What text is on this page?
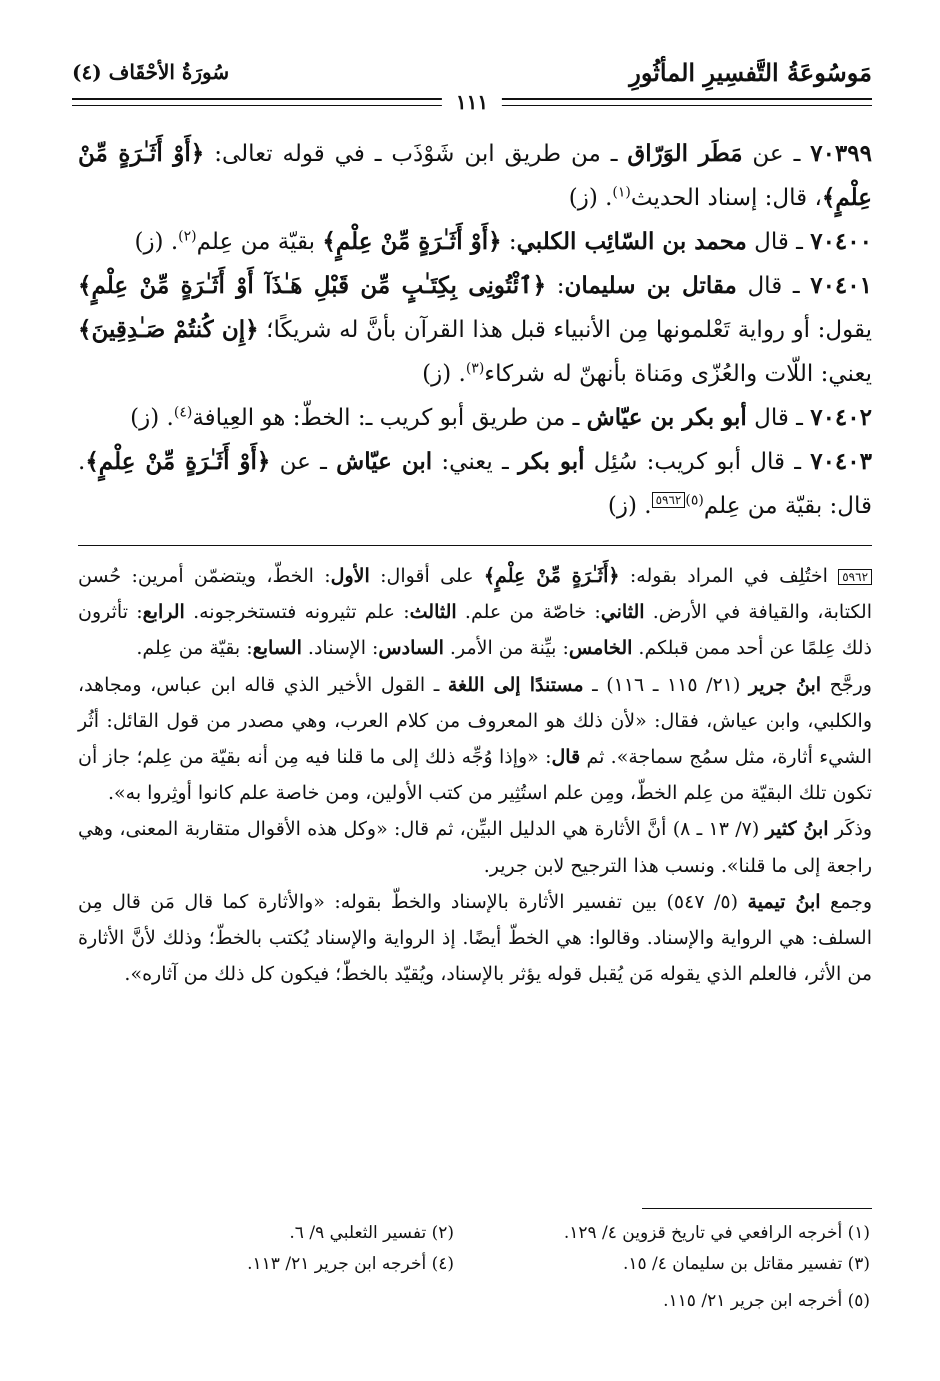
مَوسُوعَةُ التَّفسِيرِ المأثُورِ
سُورَةُ الأحْقَاف (٤)
١١١

٧٠٣٩٩ ـ عن مَطَر الوَرّاق ـ من طريق ابن شَوْذَب ـ في قوله تعالى: ﴿أَوْ أَثَـٰرَةٍ مِّنْ عِلْمٍ﴾، قال: إسناد الحديث$^{(١)}$. (ز)

٧٠٤٠٠ ـ قال محمد بن السّائِب الكلبي: ﴿أَوْ أَثَـٰرَةٍ مِّنْ عِلْمٍ﴾ بقيّة من عِلم$^{(٢)}$. (ز)

٧٠٤٠١ ـ قال مقاتل بن سليمان: ﴿ٱئْتُونِى بِكِتَـٰبٍ مِّن قَبْلِ هَـٰذَآ أَوْ أَثَـٰرَةٍ مِّنْ عِلْمٍ﴾ يقول: أو رواية تَعْلمونها مِن الأنبياء قبل هذا القرآن بأنَّ له شريكًا؛ ﴿إِن كُنتُمْ صَـٰدِقِينَ﴾ يعني: اللّات والعُزّى ومَناة بأنهنّ له شركاء$^{(٣)}$. (ز)

٧٠٤٠٢ ـ قال أبو بكر بن عيّاش ـ من طريق أبو كريب ـ: الخطّ: هو العِيافة$^{(٤)}$. (ز)

٧٠٤٠٣ ـ قال أبو كريب: سُئِل أبو بكر ـ يعني: ابن عيّاش ـ عن ﴿أَوْ أَثَـٰرَةٍ مِّنْ عِلْمٍ﴾. قال: بقيّة من عِلم$^{(٥)}$٥٩٦٢. (ز)

٥٩٦٢ اختُلِف في المراد بقوله: ﴿أَثَـٰرَةٍ مِّنْ عِلْمٍ﴾ على أقوال: الأول: الخطّ، ويتضمّن أمرين: حُسن الكتابة، والقيافة في الأرض. الثاني: خاصّة من علم. الثالث: علم تثيرونه فتستخرجونه. الرابع: تأثرون ذلك عِلمًا عن أحد ممن قبلكم. الخامس: بيِّنة من الأمر. السادس: الإسناد. السابع: بقيّة من عِلم.

ورجَّح ابنُ جرير (٢١/ ١١٥ ـ ١١٦) ـ مستندًا إلى اللغة ـ القول الأخير الذي قاله ابن عباس، ومجاهد، والكلبي، وابن عياش، فقال: «لأن ذلك هو المعروف من كلام العرب، وهي مصدر من قول القائل: أثُر الشيء أثارة، مثل سمُج سماجة». ثم قال: «وإذا وُجِّه ذلك إلى ما قلنا فيه مِن أنه بقيّة من عِلم؛ جاز أن تكون تلك البقيّة من عِلم الخطّ، ومِن علم استُثِير من كتب الأولين، ومن خاصة علم كانوا أوثِروا به».

وذكَر ابنُ كثير (٧/ ١٣ ـ ٨) أنَّ الأثارة هي الدليل البيِّن، ثم قال: «وكل هذه الأقوال متقاربة المعنى، وهي راجعة إلى ما قلنا». ونسب هذا الترجيح لابن جرير.

وجمع ابنُ تيمية (٥/ ٥٤٧) بين تفسير الأثارة بالإسناد والخطّ بقوله: «والأثارة كما قال مَن قال مِن السلف: هي الرواية والإسناد. وقالوا: هي الخطّ أيضًا. إذ الرواية والإسناد يُكتب بالخطّ؛ وذلك لأنَّ الأثارة من الأثر، فالعلم الذي يقوله مَن يُقبل قوله يؤثر بالإسناد، ويُقيّد بالخطّ؛ فيكون كل ذلك من آثاره».

(١) أخرجه الرافعي في تاريخ قزوين ٤/ ١٢٩.
(٢) تفسير الثعلبي ٩/ ٦.
(٣) تفسير مقاتل بن سليمان ٤/ ١٥.
(٤) أخرجه ابن جرير ٢١/ ١١٣.
(٥) أخرجه ابن جرير ٢١/ ١١٥.
